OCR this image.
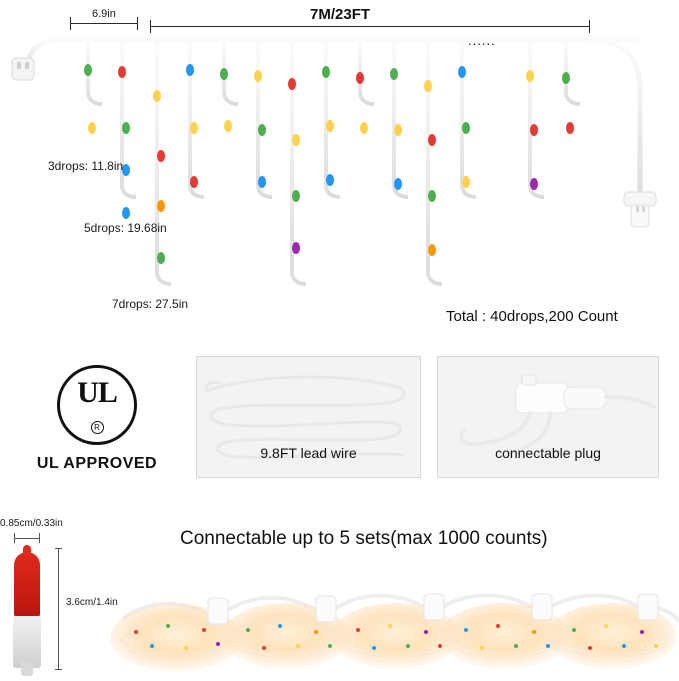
6.9in	7M/23FT
......
3drops: 11.8in
5drops: 19.68in
7drops: 27.5in
Total : 40drops,200 Count
UL
R
UL APPROVED
9.8FT lead wire	connectable plug
0.85cm/0.33in
3.6cm/1.4in
Connectable up to 5 sets(max 1000 counts)
